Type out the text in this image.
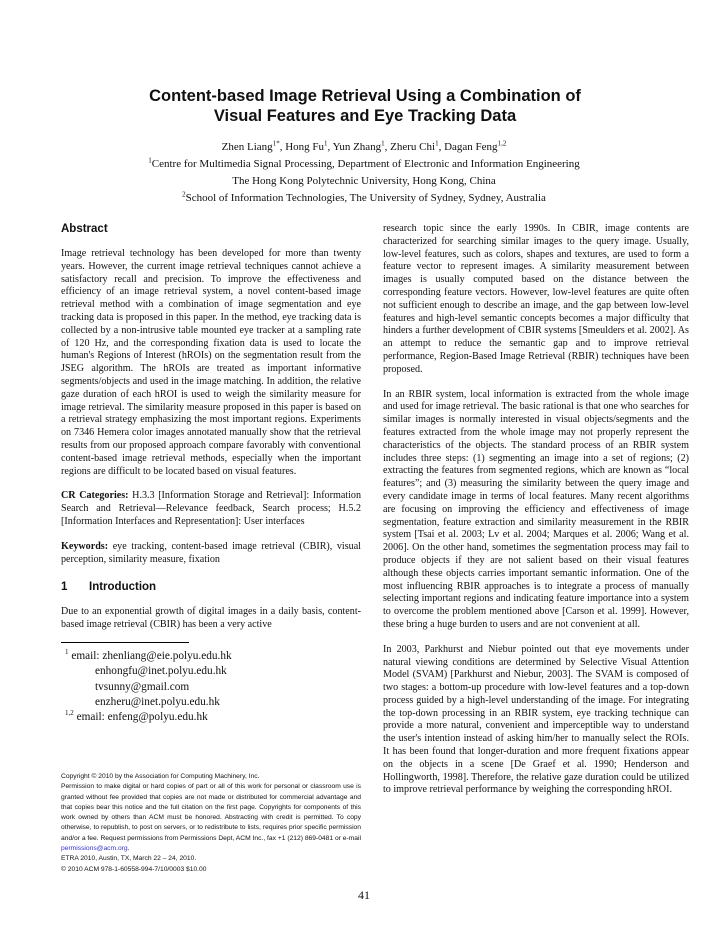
Content-based Image Retrieval Using a Combination of
Visual Features and Eye Tracking Data
Zhen Liang$^{1*}$, Hong Fu$^1$, Yun Zhang$^1$, Zheru Chi$^1$, Dagan Feng$^{1,2}$
$^1$Centre for Multimedia Signal Processing, Department of Electronic and Information Engineering
The Hong Kong Polytechnic University, Hong Kong, China
$^2$School of Information Technologies, The University of Sydney, Sydney, Australia
Abstract

Image retrieval technology has been developed for more than twenty years. However, the current image retrieval techniques cannot achieve a satisfactory recall and precision. To improve the effectiveness and efficiency of an image retrieval system, a novel content-based image retrieval method with a combination of image segmentation and eye tracking data is proposed in this paper. In the method, eye tracking data is collected by a non-intrusive table mounted eye tracker at a sampling rate of 120 Hz, and the corresponding fixation data is used to locate the human's Regions of Interest (hROIs) on the segmentation result from the JSEG algorithm. The hROIs are treated as important informative segments/objects and used in the image matching. In addition, the relative gaze duration of each hROI is used to weigh the similarity measure for image retrieval. The similarity measure proposed in this paper is based on a retrieval strategy emphasizing the most important regions. Experiments on 7346 Hemera color images annotated manually show that the retrieval results from our proposed approach compare favorably with conventional content-based image retrieval methods, especially when the important regions are difficult to be located based on visual features.

CR Categories: H.3.3 [Information Storage and Retrieval]: Information Search and Retrieval—Relevance feedback, Search process; H.5.2 [Information Interfaces and Representation]: User interfaces

Keywords: eye tracking, content-based image retrieval (CBIR), visual perception, similarity measure, fixation

1 Introduction

Due to an exponential growth of digital images in a daily basis, content-based image retrieval (CBIR) has been a very active

$^1$ email: zhenliang@eie.polyu.edu.hk
enhongfu@inet.polyu.edu.hk
tvsunny@gmail.com
enzheru@inet.polyu.edu.hk
$^{1,2}$ email: enfeng@polyu.edu.hk
Copyright © 2010 by the Association for Computing Machinery, Inc.
Permission to make digital or hard copies of part or all of this work for personal or classroom use is granted without fee provided that copies are not made or distributed for commercial advantage and that copies bear this notice and the full citation on the first page. Copyrights for components of this work owned by others than ACM must be honored. Abstracting with credit is permitted. To copy otherwise, to republish, to post on servers, or to redistribute to lists, requires prior specific permission and/or a fee. Request permissions from Permissions Dept, ACM Inc., fax +1 (212) 869-0481 or e-mail permissions@acm.org.
ETRA 2010, Austin, TX, March 22 – 24, 2010.
© 2010 ACM 978-1-60558-994-7/10/0003 $10.00

research topic since the early 1990s. In CBIR, image contents are characterized for searching similar images to the query image. Usually, low-level features, such as colors, shapes and textures, are used to form a feature vector to represent images. A similarity measurement between images is usually computed based on the distance between the corresponding feature vectors. However, low-level features are quite often not sufficient enough to describe an image, and the gap between low-level features and high-level semantic concepts becomes a major difficulty that hinders a further development of CBIR systems [Smeulders et al. 2002]. As an attempt to reduce the semantic gap and to improve retrieval performance, Region-Based Image Retrieval (RBIR) techniques have been proposed.

In an RBIR system, local information is extracted from the whole image and used for image retrieval. The basic rational is that one who searches for similar images is normally interested in visual objects/segments and the features extracted from the whole image may not properly represent the characteristics of the objects. The standard process of an RBIR system includes three steps: (1) segmenting an image into a set of regions; (2) extracting the features from segmented regions, which are known as “local features”; and (3) measuring the similarity between the query image and every candidate image in terms of local features. Many recent algorithms are focusing on improving the efficiency and effectiveness of image segmentation, feature extraction and similarity measurement in the RBIR system [Tsai et al. 2003; Lv et al. 2004; Marques et al. 2006; Wang et al. 2006]. On the other hand, sometimes the segmentation process may fail to produce objects if they are not salient based on their visual features although these objects carries important semantic information. One of the most influencing RBIR approaches is to integrate a process of manually selecting important regions and indicating feature importance into a system to overcome the problem mentioned above [Carson et al. 1999]. However, these bring a huge burden to users and are not convenient at all.

In 2003, Parkhurst and Niebur pointed out that eye movements under natural viewing conditions are determined by Selective Visual Attention Model (SVAM) [Parkhurst and Niebur, 2003]. The SVAM is composed of two stages: a bottom-up procedure with low-level features and a top-down process guided by a high-level understanding of the image. For integrating the top-down processing in an RBIR system, eye tracking technique can provide a more natural, convenient and imperceptible way to understand the user's intention instead of asking him/her to manually select the ROIs. It has been found that longer-duration and more frequent fixations appear on the objects in a scene [De Graef et al. 1990; Henderson and Hollingworth, 1998]. Therefore, the relative gaze duration could be utilized to improve retrieval performance by weighing the corresponding hROI.

41
